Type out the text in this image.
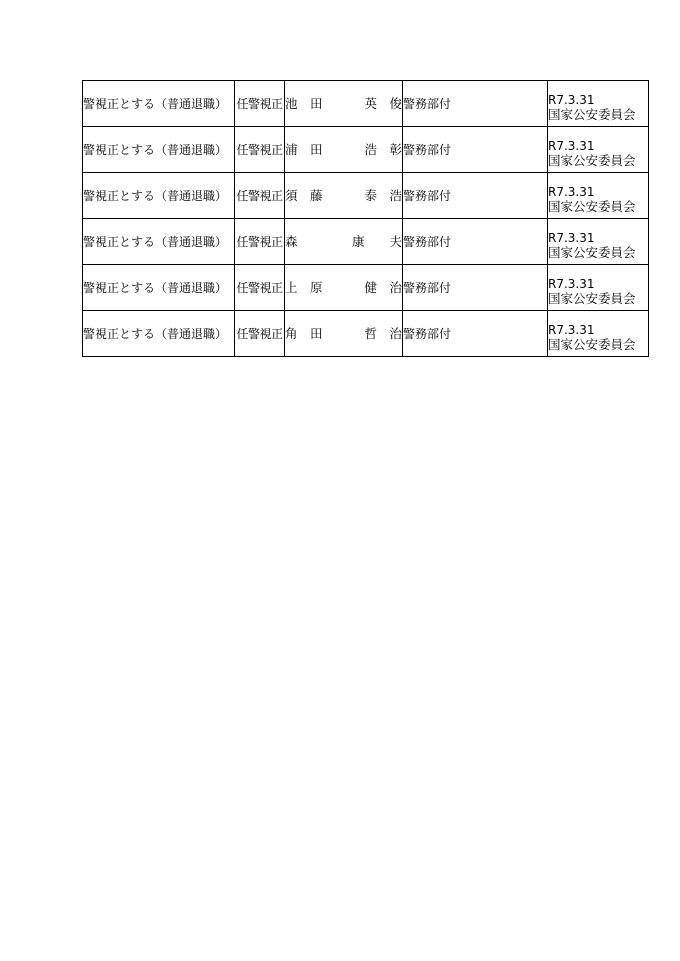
警視正とする（普通退職）	任警視正	池　田 英　俊	警務部付	R7.3.31
国家公安委員会

警視正とする（普通退職）	任警視正	浦　田 浩　彰	警務部付	R7.3.31
国家公安委員会

警視正とする（普通退職）	任警視正	須　藤 泰　浩	警務部付	R7.3.31
国家公安委員会

警視正とする（普通退職）	任警視正	森 康　　夫	警務部付	R7.3.31
国家公安委員会

警視正とする（普通退職）	任警視正	上　原 健　治	警務部付	R7.3.31
国家公安委員会

警視正とする（普通退職）	任警視正	角　田 哲　治	警務部付	R7.3.31
国家公安委員会
